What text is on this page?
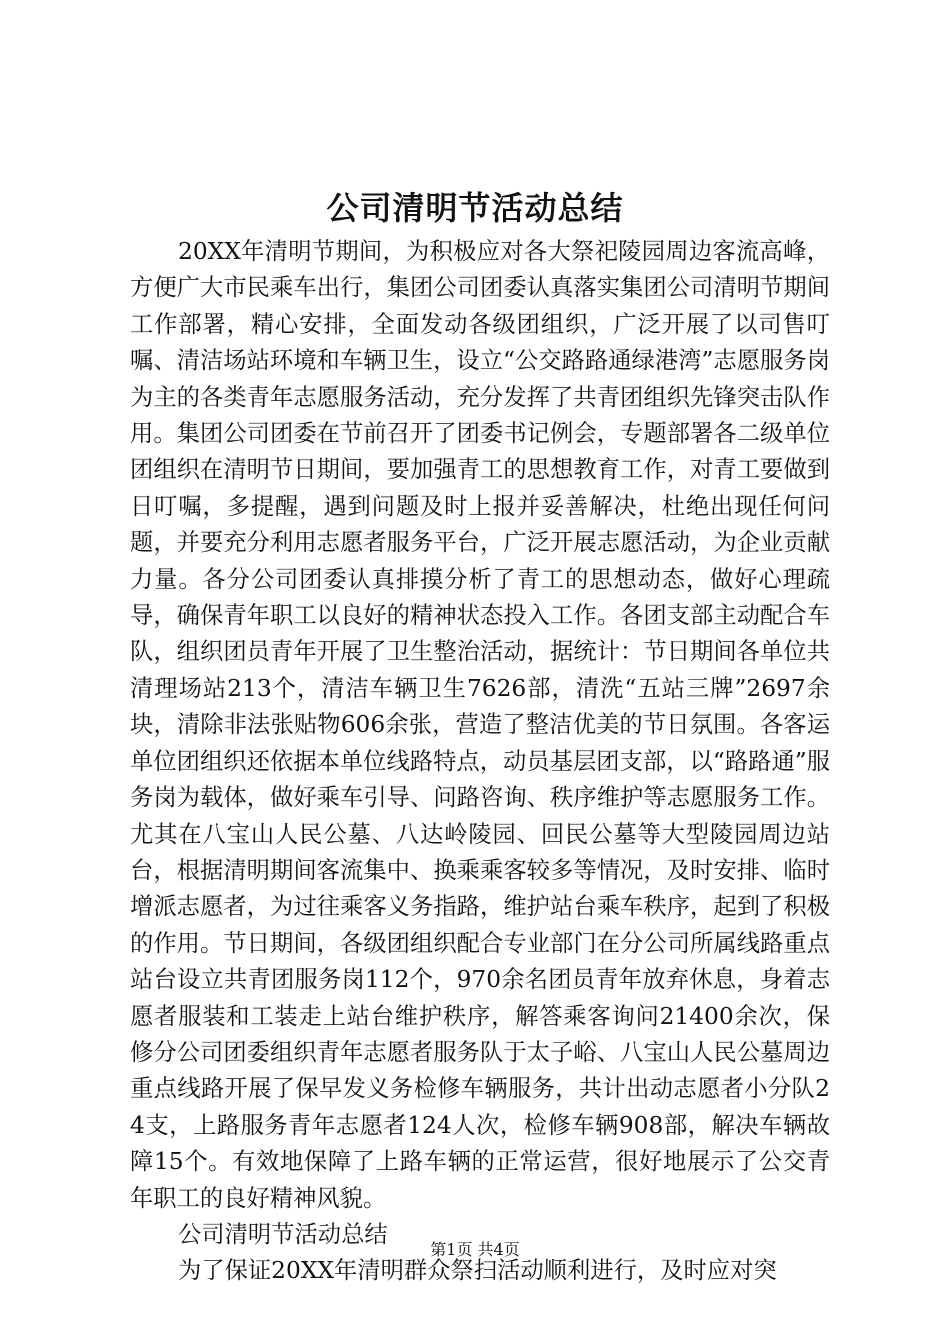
公司清明节活动总结

20XX年清明节期间，为积极应对各大祭祀陵园周边客流高峰，方便广大市民乘车出行，集团公司团委认真落实集团公司清明节期间工作部署，精心安排，全面发动各级团组织，广泛开展了以司售叮嘱、清洁场站环境和车辆卫生，设立“公交路路通绿港湾”志愿服务岗为主的各类青年志愿服务活动，充分发挥了共青团组织先锋突击队作用。集团公司团委在节前召开了团委书记例会，专题部署各二级单位团组织在清明节日期间，要加强青工的思想教育工作，对青工要做到日叮嘱，多提醒，遇到问题及时上报并妥善解决，杜绝出现任何问题，并要充分利用志愿者服务平台，广泛开展志愿活动，为企业贡献力量。各分公司团委认真排摸分析了青工的思想动态，做好心理疏导，确保青年职工以良好的精神状态投入工作。各团支部主动配合车队，组织团员青年开展了卫生整治活动，据统计：节日期间各单位共清理场站213个，清洁车辆卫生7626部，清洗“五站三牌”2697余块，清除非法张贴物606余张，营造了整洁优美的节日氛围。各客运单位团组织还依据本单位线路特点，动员基层团支部，以“路路通”服务岗为载体，做好乘车引导、问路咨询、秩序维护等志愿服务工作。尤其在八宝山人民公墓、八达岭陵园、回民公墓等大型陵园周边站台，根据清明期间客流集中、换乘乘客较多等情况，及时安排、临时增派志愿者，为过往乘客义务指路，维护站台乘车秩序，起到了积极的作用。节日期间，各级团组织配合专业部门在分公司所属线路重点站台设立共青团服务岗112个，970余名团员青年放弃休息，身着志愿者服装和工装走上站台维护秩序，解答乘客询问21400余次，保修分公司团委组织青年志愿者服务队于太子峪、八宝山人民公墓周边重点线路开展了保早发义务检修车辆服务，共计出动志愿者小分队24支，上路服务青年志愿者124人次，检修车辆908部，解决车辆故障15个。有效地保障了上路车辆的正常运营，很好地展示了公交青年职工的良好精神风貌。

公司清明节活动总结

为了保证20XX年清明群众祭扫活动顺利进行，及时应对突

第1页 共4页
